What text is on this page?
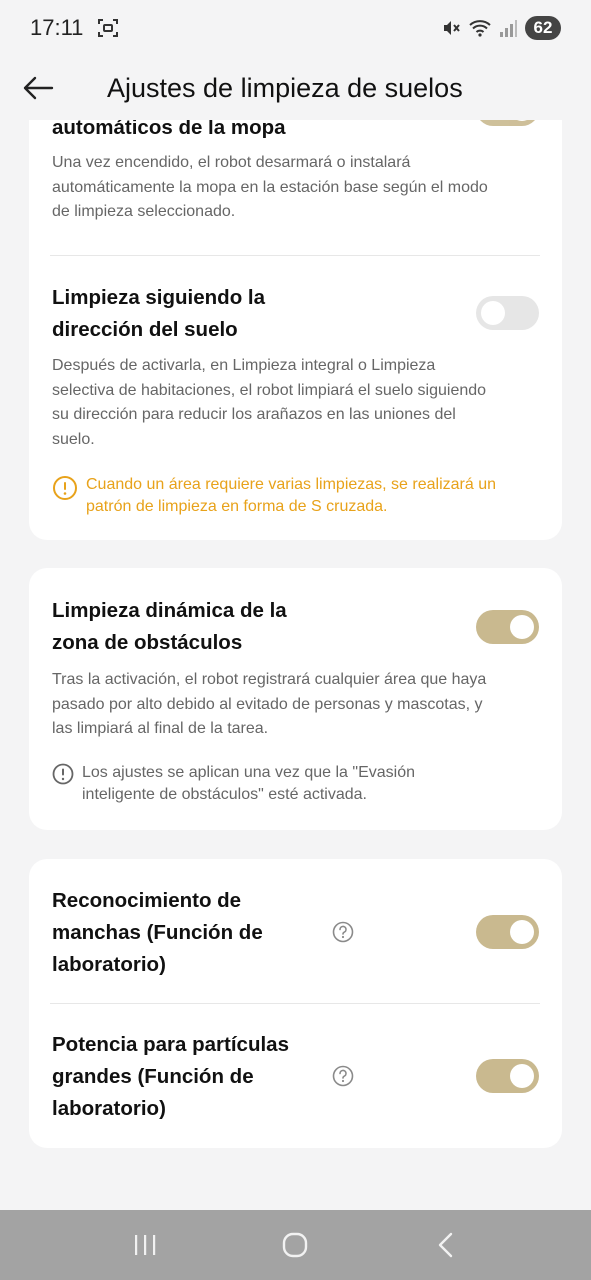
17:11	62
Ajustes de limpieza de suelos
automáticos de la mopa
Una vez encendido, el robot desarmará o instalará automáticamente la mopa en la estación base según el modo de limpieza seleccionado.
Limpieza siguiendo la
dirección del suelo
Después de activarla, en Limpieza integral o Limpieza selectiva de habitaciones, el robot limpiará el suelo siguiendo su dirección para reducir los arañazos en las uniones del suelo.
Cuando un área requiere varias limpiezas, se realizará un patrón de limpieza en forma de S cruzada.
Limpieza dinámica de la
zona de obstáculos
Tras la activación, el robot registrará cualquier área que haya pasado por alto debido al evitado de personas y mascotas, y las limpiará al final de la tarea.
Los ajustes se aplican una vez que la "Evasión inteligente de obstáculos" esté activada.
Reconocimiento de
manchas (Función de
laboratorio)
Potencia para partículas
grandes (Función de
laboratorio)
